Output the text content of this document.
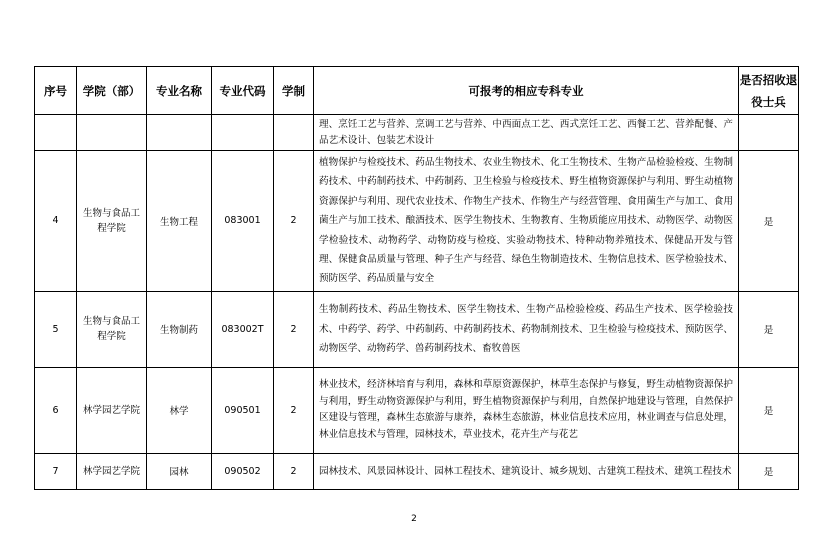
序号	学院（部）	专业名称	专业代码	学制	可报考的相应专科专业	是否招收退役士兵

					理、烹饪工艺与营养、烹调工艺与营养、中西面点工艺、西式烹饪工艺、西餐工艺、营养配餐、产品艺术设计、包装艺术设计	

4	生物与食品工程学院	生物工程	083001	2	植物保护与检疫技术、药品生物技术、农业生物技术、化工生物技术、生物产品检验检疫、生物制药技术、中药制药技术、中药制药、卫生检验与检疫技术、野生植物资源保护与利用、野生动植物资源保护与利用、现代农业技术、作物生产技术、作物生产与经营管理、食用菌生产与加工、食用菌生产与加工技术、酿酒技术、医学生物技术、生物教育、生物质能应用技术、动物医学、动物医学检验技术、动物药学、动物防疫与检疫、实验动物技术、特种动物养殖技术、保健品开发与管理、保健食品质量与管理、种子生产与经营、绿色生物制造技术、生物信息技术、医学检验技术、预防医学、药品质量与安全	是
5	生物与食品工程学院	生物制药	083002T	2	生物制药技术、药品生物技术、医学生物技术、生物产品检验检疫、药品生产技术、医学检验技术、中药学、药学、中药制药、中药制药技术、药物制剂技术、卫生检验与检疫技术、预防医学、动物医学、动物药学、兽药制药技术、畜牧兽医	是
6	林学园艺学院	林学	090501	2	林业技术，经济林培育与利用，森林和草原资源保护，林草生态保护与修复，野生动植物资源保护与利用，野生动物资源保护与利用，野生植物资源保护与利用，自然保护地建设与管理，自然保护区建设与管理，森林生态旅游与康养，森林生态旅游，林业信息技术应用，林业调查与信息处理，林业信息技术与管理，园林技术，草业技术，花卉生产与花艺	是
7	林学园艺学院	园林	090502	2	园林技术、风景园林设计、园林工程技术、建筑设计、城乡规划、古建筑工程技术、建筑工程技术	是
2
